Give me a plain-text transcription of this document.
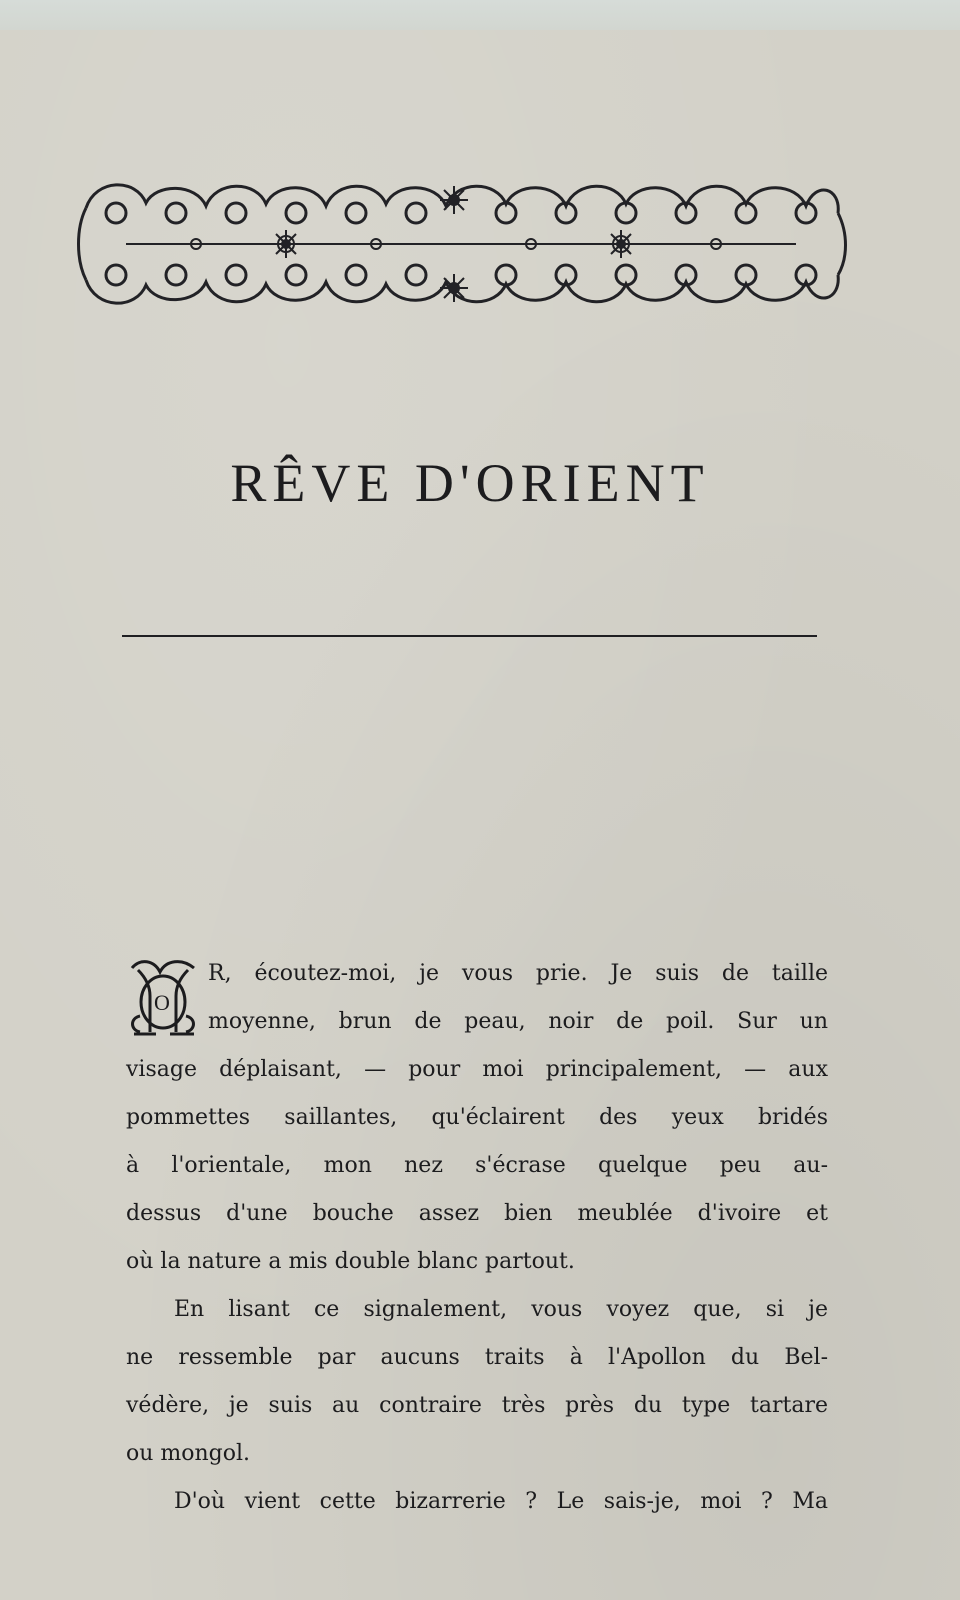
RÊVE D'ORIENT
O
R, écoutez-moi, je vous prie. Je suis de taille
moyenne, brun de peau, noir de poil. Sur un
visage déplaisant, — pour moi principalement, — aux
pommettes saillantes, qu'éclairent des yeux bridés
à l'orientale, mon nez s'écrase quelque peu au-
dessus d'une bouche assez bien meublée d'ivoire et
où la nature a mis double blanc partout.
En lisant ce signalement, vous voyez que, si je
ne ressemble par aucuns traits à l'Apollon du Bel-
védère, je suis au contraire très près du type tartare
ou mongol.
D'où vient cette bizarrerie ? Le sais-je, moi ? Ma
